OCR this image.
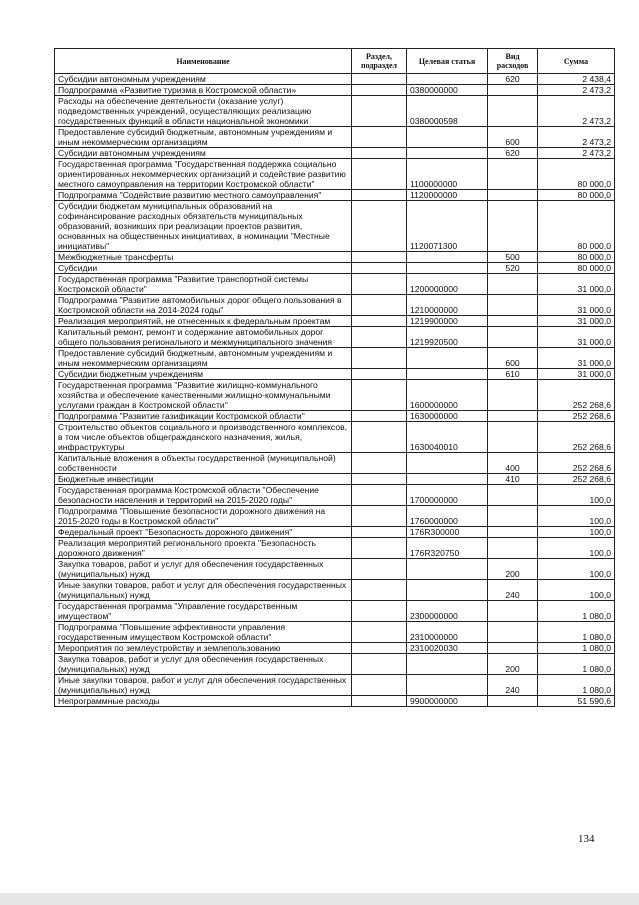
Наименование	Раздел, подраздел	Целевая статья	Вид расходов	Сумма
Субсидии автономным учреждениям			620	2 438,4
Подпрограмма «Развитие туризма в Костромской области»		0380000000		2 473,2
Расходы на обеспечение деятельности (оказание услуг) подведомственных учреждений, осуществляющих реализацию государственных функций в области национальной экономики		0380000598		2 473,2
Предоставление субсидий бюджетным, автономным учреждениям и иным некоммерческим организациям			600	2 473,2
Субсидии автономным учреждениям			620	2 473,2
Государственная программа "Государственная поддержка социально ориентированных некоммерческих организаций и содействие развитию местного самоуправления на территории Костромской области"		1100000000		80 000,0
Подпрограмма "Содействие развитию местного самоуправления"		1120000000		80 000,0
Субсидии бюджетам муниципальных образований на софинансирование расходных обязательств муниципальных образований, возникших при реализации проектов развития, основанных на общественных инициативах, в номинации "Местные инициативы"		1120071300		80 000,0
Межбюджетные трансферты			500	80 000,0
Субсидии			520	80 000,0
Государственная программа "Развитие транспортной системы Костромской области"		1200000000		31 000,0
Подпрограмма "Развитие автомобильных дорог общего пользования в Костромской области на 2014-2024 годы"		1210000000		31 000,0
Реализация мероприятий, не отнесенных к федеральным проектам		1219900000		31 000,0
Капитальный ремонт, ремонт и содержание автомобильных дорог общего пользования регионального и межмуниципального значения		1219920500		31 000,0
Предоставление субсидий бюджетным, автономным учреждениям и иным некоммерческим организациям			600	31 000,0
Субсидии бюджетным учреждениям			610	31 000,0
Государственная программа "Развитие жилищно-коммунального хозяйства и обеспечение качественными жилищно-коммунальными услугами граждан в Костромской области"		1600000000		252 268,6
Подпрограмма "Развитие газификации Костромской области"		1630000000		252 268,6
Строительство объектов социального и производственного комплексов, в том числе объектов общегражданского назначения, жилья, инфраструктуры		1630040010		252 268,6
Капитальные вложения в объекты государственной (муниципальной) собственности			400	252 268,6
Бюджетные инвестиции			410	252 268,6
Государственная программа Костромской области "Обеспечение безопасности населения и территорий на 2015-2020 годы"		1700000000		100,0
Подпрограмма "Повышение безопасности дорожного движения на 2015-2020 годы в Костромской области"		1760000000		100,0
Федеральный проект "Безопасность дорожного движения"		176R300000		100,0
Реализация мероприятий регионального проекта "Безопасность дорожного движения"		176R320750		100,0
Закупка товаров, работ и услуг для обеспечения государственных (муниципальных) нужд			200	100,0
Иные закупки товаров, работ и услуг для обеспечения государственных (муниципальных) нужд			240	100,0
Государственная программа "Управление государственным имуществом"		2300000000		1 080,0
Подпрограмма "Повышение эффективности управления государственным имуществом Костромской области"		2310000000		1 080,0
Мероприятия по землеустройству и землепользованию		2310020030		1 080,0
Закупка товаров, работ и услуг для обеспечения государственных (муниципальных) нужд			200	1 080,0
Иные закупки товаров, работ и услуг для обеспечения государственных (муниципальных) нужд			240	1 080,0
Непрограммные расходы		9900000000		51 590,6
134
